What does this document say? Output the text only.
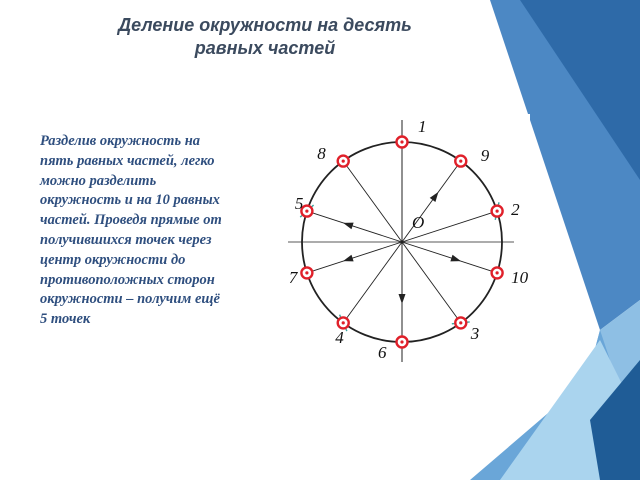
Деление окружности на десять
равных частей
Разделив окружность на
пять равных частей, легко
можно разделить
окружность и на 10 равных
частей. Проведя прямые от
получившихся точек через
центр окружности до
противоположных сторон
окружности – получим ещё
5 точек
O
1
9
2
10
3
6
4
7
5
8
